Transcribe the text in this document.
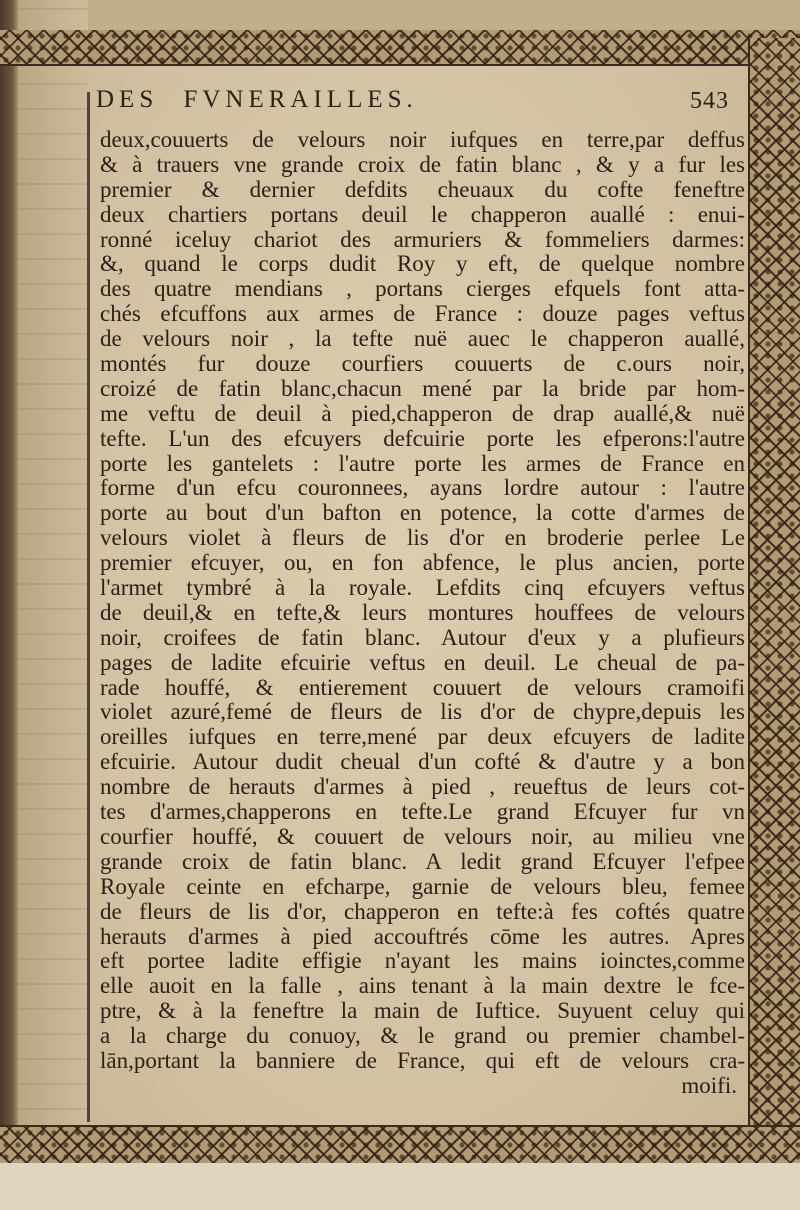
DES FVNERAILLES.	543
deux,couuerts de velours noir iufques en terre,par deffus
& à trauers vne grande croix de fatin blanc , & y a fur les
premier & dernier defdits cheuaux du cofte feneftre
deux chartiers portans deuil le chapperon auallé : enui-
ronné iceluy chariot des armuriers & fommeliers darmes:
&, quand le corps dudit Roy y eft, de quelque nombre
des quatre mendians , portans cierges efquels font atta-
chés efcuffons aux armes de France : douze pages veftus
de velours noir , la tefte nuë auec le chapperon auallé,
montés fur douze courfiers couuerts de c.ours noir,
croizé de fatin blanc,chacun mené par la bride par hom-
me veftu de deuil à pied,chapperon de drap auallé,& nuë
tefte. L'un des efcuyers defcuirie porte les efperons:l'autre
porte les gantelets : l'autre porte les armes de France en
forme d'un efcu couronnees, ayans lordre autour : l'autre
porte au bout d'un bafton en potence, la cotte d'armes de
velours violet à fleurs de lis d'or en broderie perlee Le
premier efcuyer, ou, en fon abfence, le plus ancien, porte
l'armet tymbré à la royale. Lefdits cinq efcuyers veftus
de deuil,& en tefte,& leurs montures houffees de velours
noir, croifees de fatin blanc. Autour d'eux y a plufieurs
pages de ladite efcuirie veftus en deuil. Le cheual de pa-
rade houffé, & entierement couuert de velours cramoifi
violet azuré,femé de fleurs de lis d'or de chypre,depuis les
oreilles iufques en terre,mené par deux efcuyers de ladite
efcuirie. Autour dudit cheual d'un cofté & d'autre y a bon
nombre de herauts d'armes à pied , reueftus de leurs cot-
tes d'armes,chapperons en tefte.Le grand Efcuyer fur vn
courfier houffé, & couuert de velours noir, au milieu vne
grande croix de fatin blanc. A ledit grand Efcuyer l'efpee
Royale ceinte en efcharpe, garnie de velours bleu, femee
de fleurs de lis d'or, chapperon en tefte:à fes coftés quatre
herauts d'armes à pied accouftrés cōme les autres. Apres
eft portee ladite effigie n'ayant les mains ioinctes,comme
elle auoit en la falle , ains tenant à la main dextre le fce-
ptre, & à la feneftre la main de Iuftice. Suyuent celuy qui
a la charge du conuoy, & le grand ou premier chambel-
lān,portant la banniere de France, qui eft de velours cra-
moifi.
